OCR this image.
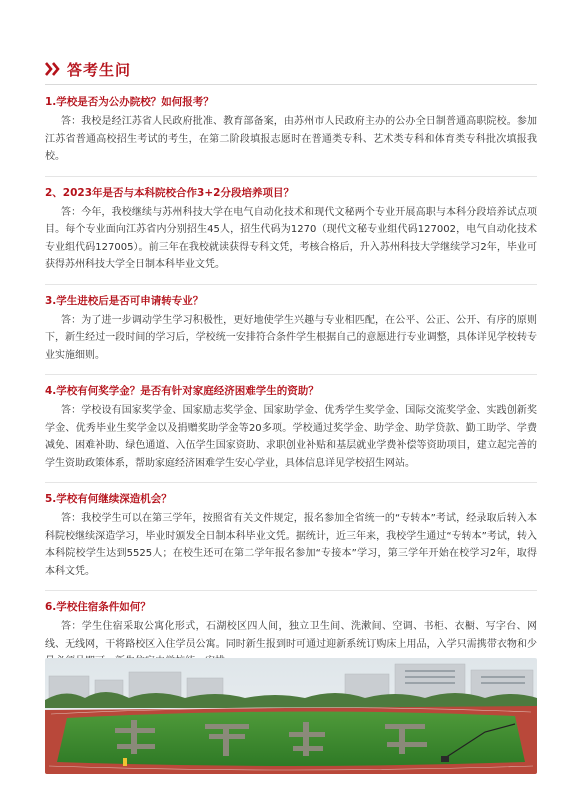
答考生问

1.学校是否为公办院校？如何报考？

答：我校是经江苏省人民政府批准、教育部备案，由苏州市人民政府主办的公办全日制普通高职院校。参加江苏省普通高校招生考试的考生，在第二阶段填报志愿时在普通类专科、艺术类专科和体育类专科批次填报我校。

2、2023年是否与本科院校合作3+2分段培养项目？

答：今年，我校继续与苏州科技大学在电气自动化技术和现代文秘两个专业开展高职与本科分段培养试点项目。每个专业面向江苏省内分别招生45人，招生代码为1270（现代文秘专业组代码127002，电气自动化技术专业组代码127005）。前三年在我校就读获得专科文凭，考核合格后，升入苏州科技大学继续学习2年，毕业可获得苏州科技大学全日制本科毕业文凭。

3.学生进校后是否可申请转专业？

答：为了进一步调动学生学习积极性，更好地使学生兴趣与专业相匹配，在公平、公正、公开、有序的原则下，新生经过一段时间的学习后，学校统一安排符合条件学生根据自己的意愿进行专业调整，具体详见学校转专业实施细则。

4.学校有何奖学金？是否有针对家庭经济困难学生的资助？

答：学校设有国家奖学金、国家励志奖学金、国家助学金、优秀学生奖学金、国际交流奖学金、实践创新奖学金、优秀毕业生奖学金以及捐赠奖助学金等20多项。学校通过奖学金、助学金、助学贷款、勤工助学、学费减免、困难补助、绿色通道、入伍学生国家资助、求职创业补贴和基层就业学费补偿等资助项目，建立起完善的学生资助政策体系，帮助家庭经济困难学生安心学业，具体信息详见学校招生网站。

5.学校有何继续深造机会？

答：我校学生可以在第三学年，按照省有关文件规定，报名参加全省统一的“专转本”考试，经录取后转入本科院校继续深造学习，毕业时颁发全日制本科毕业文凭。据统计，近三年来，我校学生通过“专转本”考试，转入本科院校学生达到5525人；在校生还可在第二学年报名参加“专接本”学习，第三学年开始在校学习2年，取得本科文凭。

6.学校住宿条件如何？

答：学生住宿采取公寓化形式，石湖校区四人间，独立卫生间、洗漱间、空调、书柜、衣橱、写字台、网线、无线网，干将路校区入住学员公寓。同时新生报到时可通过迎新系统订购床上用品，入学只需携带衣物和少
